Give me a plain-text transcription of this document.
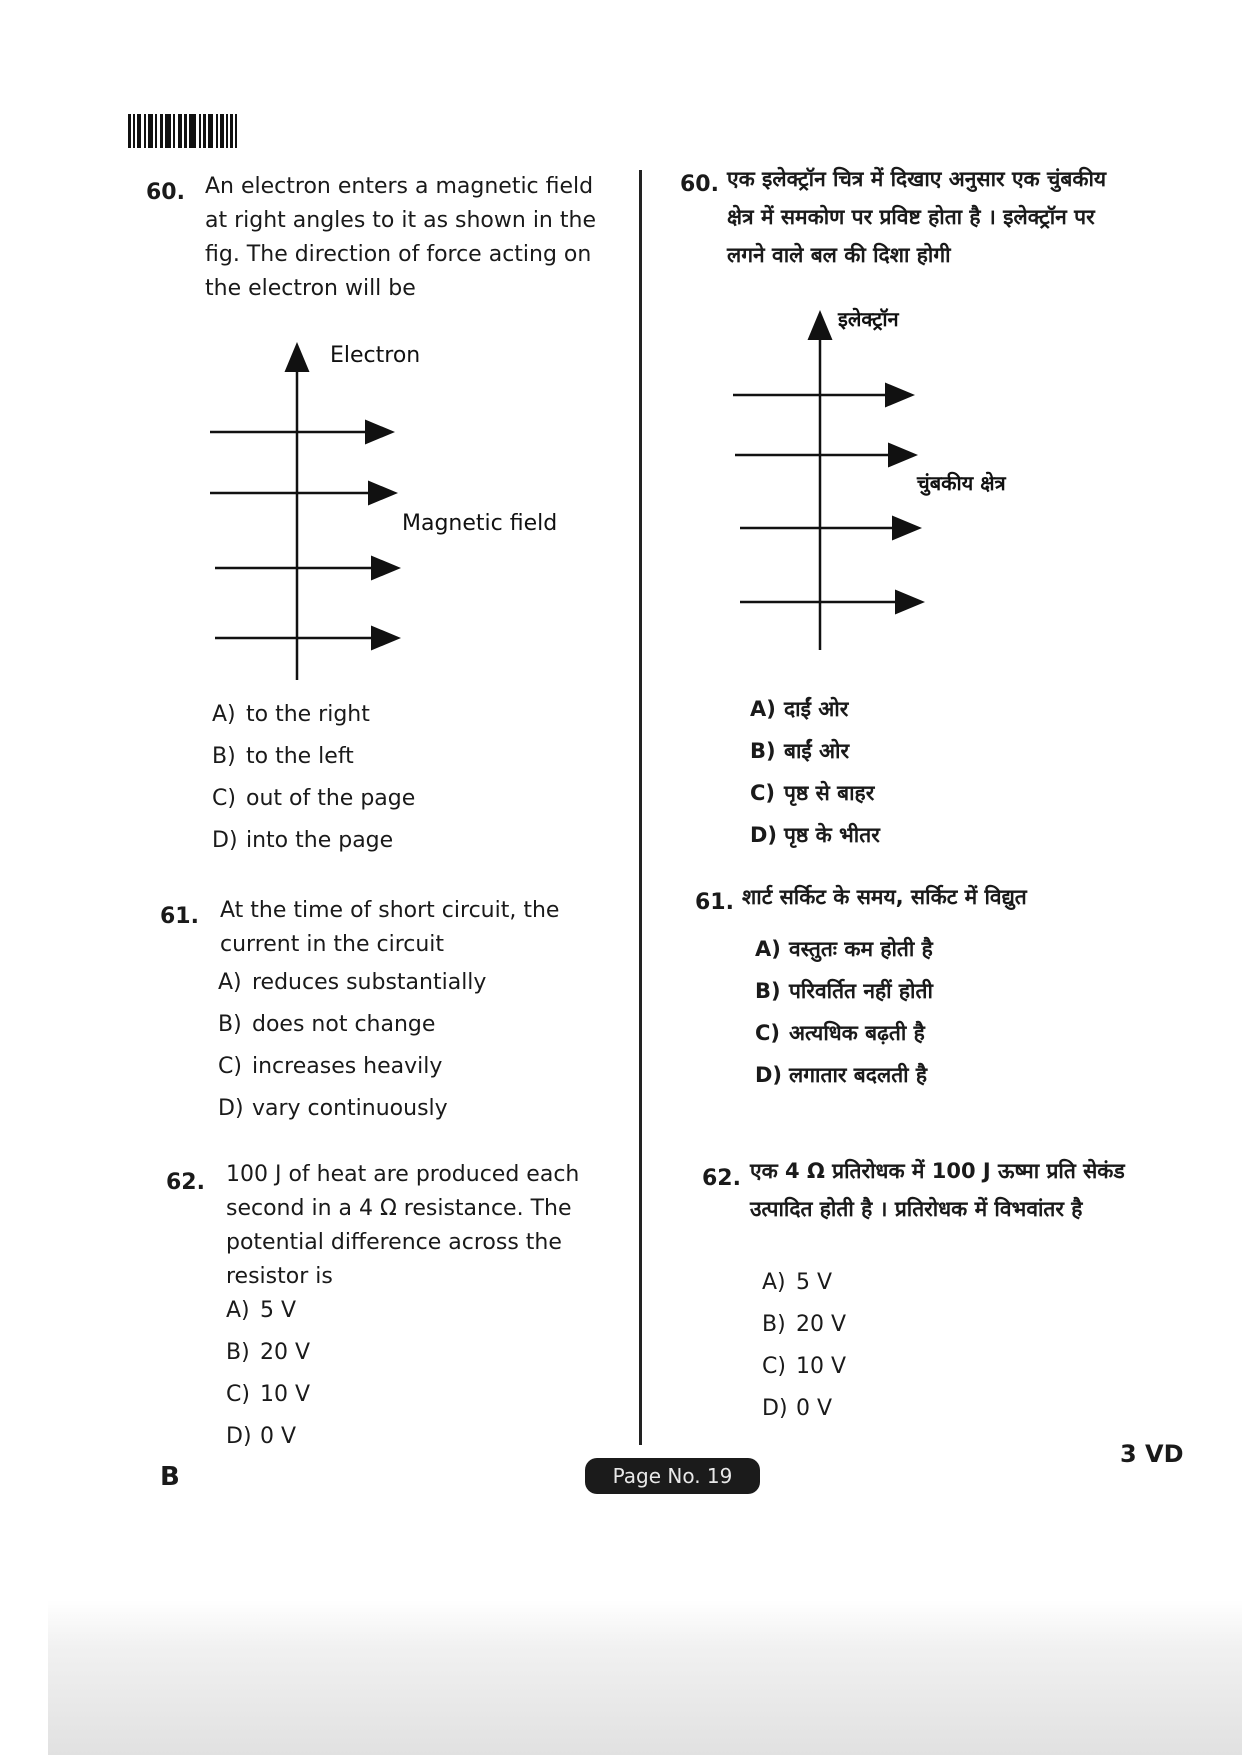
60. An electron enters a magnetic field
at right angles to it as shown in the
fig. The direction of force acting on
the electron will be
Electron
Magnetic field
A) to the right
B) to the left
C) out of the page
D) into the page
61. At the time of short circuit, the
current in the circuit
A) reduces substantially
B) does not change
C) increases heavily
D) vary continuously
62. 100 J of heat are produced each
second in a 4 Ω resistance. The
potential difference across the
resistor is
A) 5 V
B) 20 V
C) 10 V
D) 0 V
60. एक इलेक्ट्रॉन चित्र में दिखाए अनुसार एक चुंबकीय
क्षेत्र में समकोण पर प्रविष्ट होता है । इलेक्ट्रॉन पर
लगने वाले बल की दिशा होगी
इलेक्ट्रॉन
चुंबकीय क्षेत्र
A) दाईं ओर
B) बाईं ओर
C) पृष्ठ से बाहर
D) पृष्ठ के भीतर
61. शार्ट सर्किट के समय, सर्किट में विद्युत
A) वस्तुतः कम होती है
B) परिवर्तित नहीं होती
C) अत्यधिक बढ़ती है
D) लगातार बदलती है
62. एक 4 Ω प्रतिरोधक में 100 J ऊष्मा प्रति सेकंड
उत्पादित होती है । प्रतिरोधक में विभवांतर है
A) 5 V
B) 20 V
C) 10 V
D) 0 V
B	Page No. 19
3 VD
